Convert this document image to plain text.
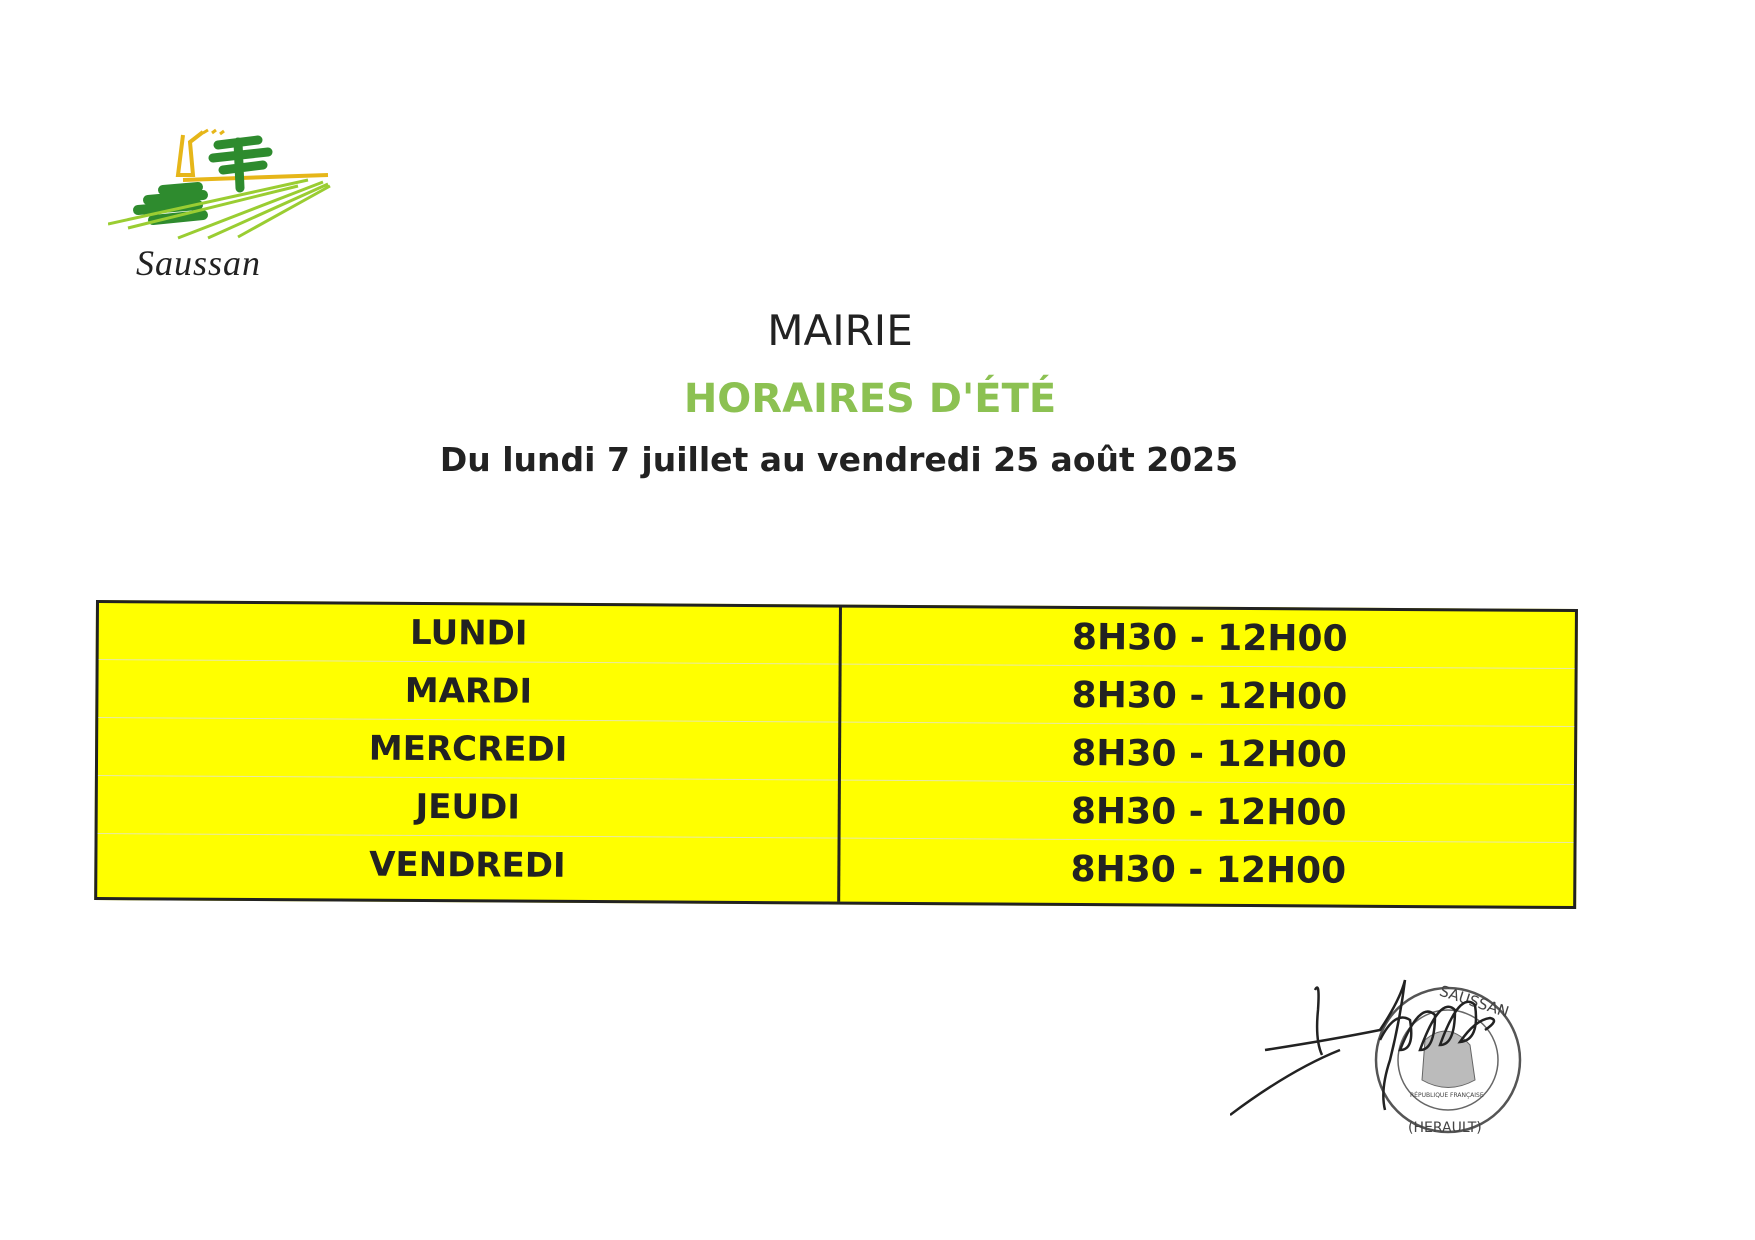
Saussan
MAIRIE
HORAIRES D'ÉTÉ
Du lundi 7 juillet au vendredi 25 août 2025
LUNDI	8H30 - 12H00
MARDI	8H30 - 12H00
MERCREDI	8H30 - 12H00
JEUDI	8H30 - 12H00
VENDREDI	8H30 - 12H00
SAUSSAN
(HERAULT)
RÉPUBLIQUE FRANÇAISE
